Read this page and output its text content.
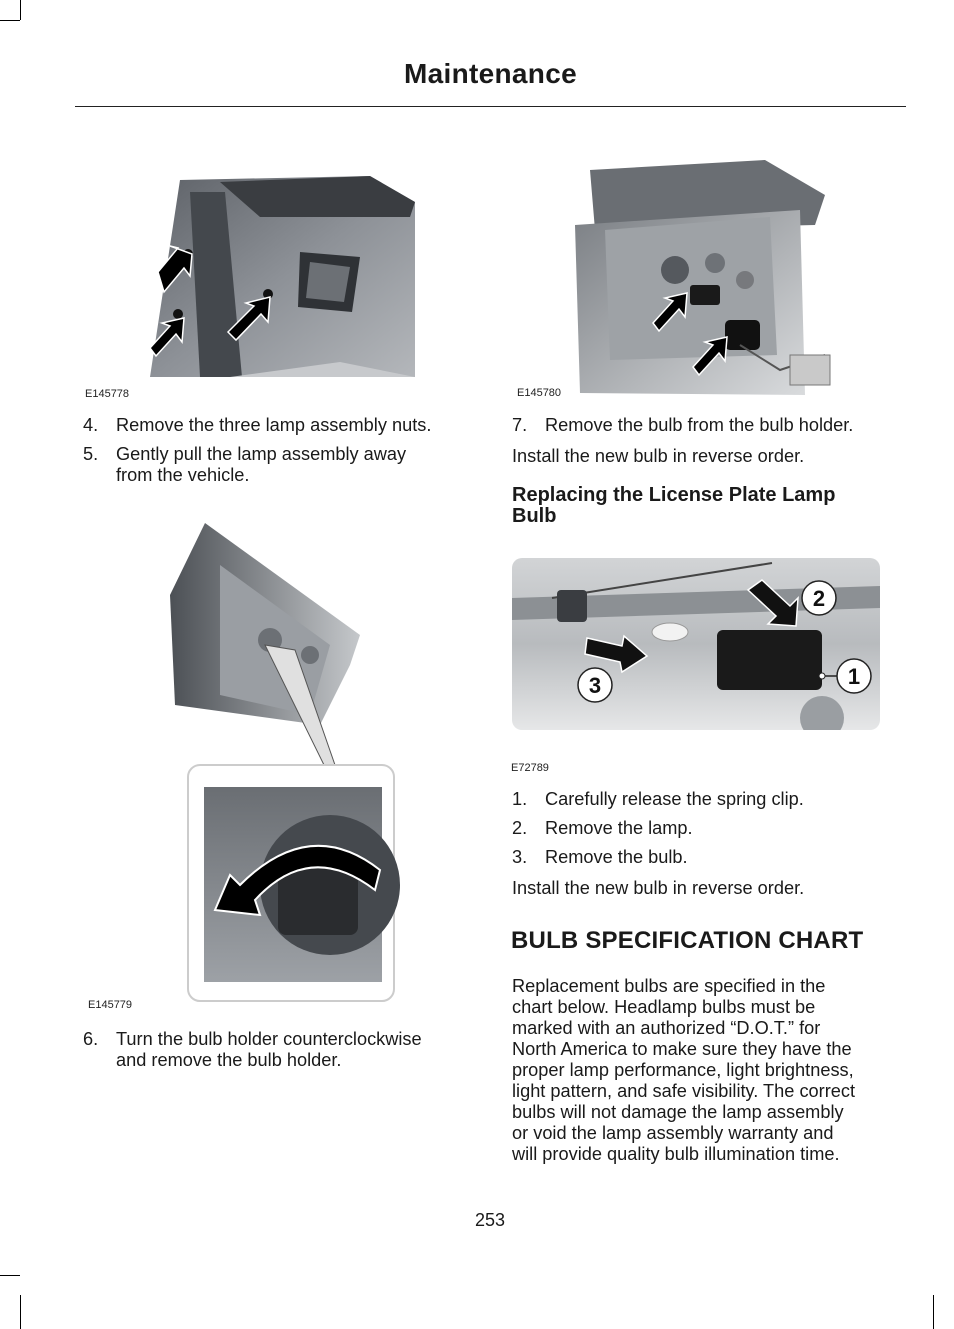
Maintenance
E145778	E145780
4. Remove the three lamp assembly nuts.
5. Gently pull the lamp assembly away
from the vehicle.
E145779
6. Turn the bulb holder counterclockwise
and remove the bulb holder.
7. Remove the bulb from the bulb holder.
Install the new bulb in reverse order.
Replacing the License Plate Lamp
Bulb
2
1
3
E72789
1. Carefully release the spring clip.
2. Remove the lamp.
3. Remove the bulb.
Install the new bulb in reverse order.
BULB SPECIFICATION CHART
Replacement bulbs are specified in the
chart below. Headlamp bulbs must be
marked with an authorized “D.O.T.” for
North America to make sure they have the
proper lamp performance, light brightness,
light pattern, and safe visibility. The correct
bulbs will not damage the lamp assembly
or void the lamp assembly warranty and
will provide quality bulb illumination time.
253
